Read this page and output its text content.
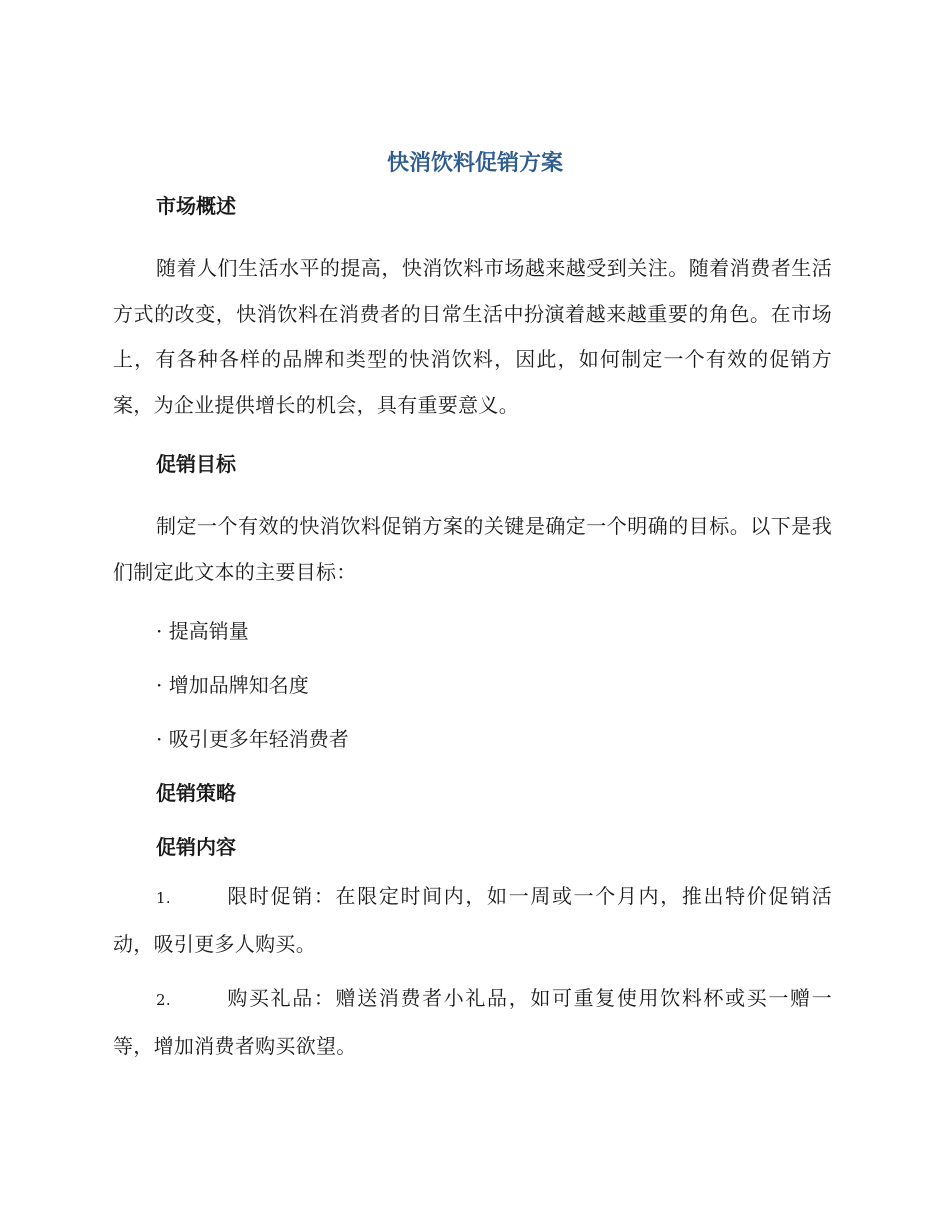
快消饮料促销方案
市场概述

随着人们生活水平的提高，快消饮料市场越来越受到关注。随着消费者生活方式的改变，快消饮料在消费者的日常生活中扮演着越来越重要的角色。在市场上，有各种各样的品牌和类型的快消饮料，因此，如何制定一个有效的促销方案，为企业提供增长的机会，具有重要意义。

促销目标

制定一个有效的快消饮料促销方案的关键是确定一个明确的目标。以下是我们制定此文本的主要目标：

· 提高销量

· 增加品牌知名度

· 吸引更多年轻消费者

促销策略
促销内容

1.	限时促销：在限定时间内，如一周或一个月内，推出特价促销活动，吸引更多人购买。

2.	购买礼品：赠送消费者小礼品，如可重复使用饮料杯或买一赠一等，增加消费者购买欲望。
